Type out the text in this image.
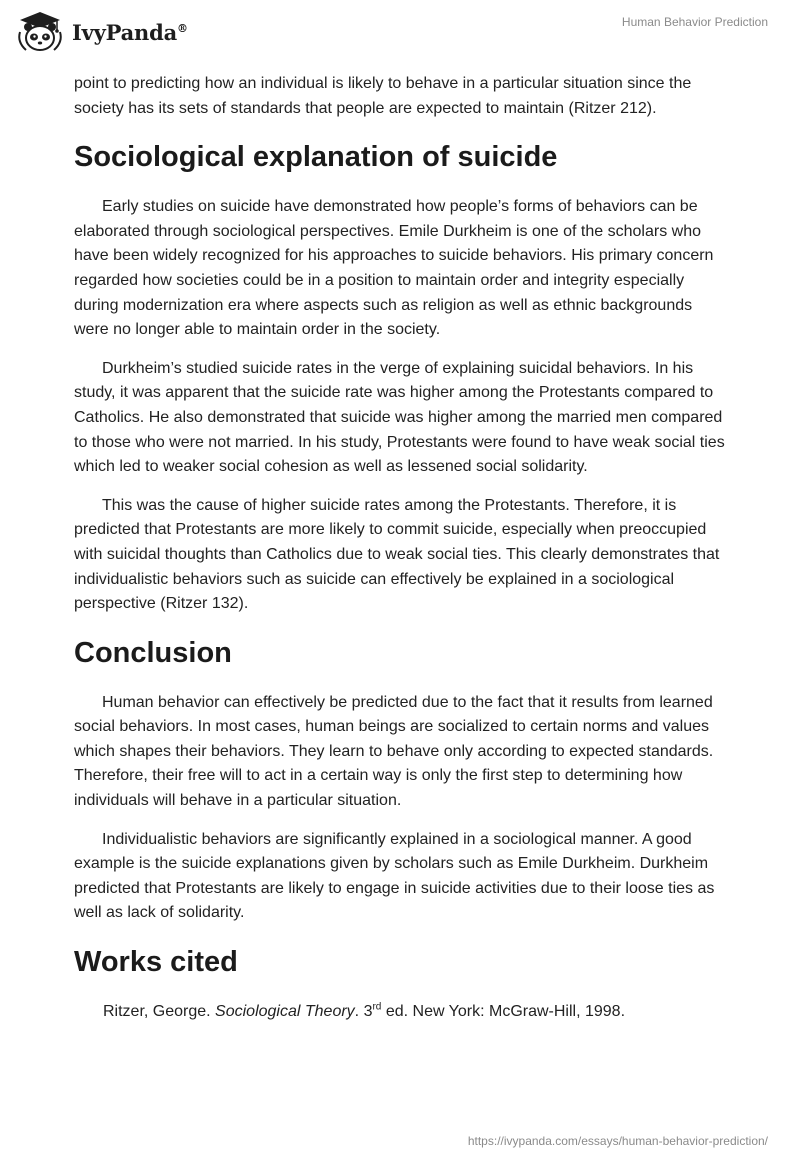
IvyPanda®	Human Behavior Prediction

point to predicting how an individual is likely to behave in a particular situation since the society has its sets of standards that people are expected to maintain (Ritzer 212).

Sociological explanation of suicide

Early studies on suicide have demonstrated how people’s forms of behaviors can be elaborated through sociological perspectives. Emile Durkheim is one of the scholars who have been widely recognized for his approaches to suicide behaviors. His primary concern regarded how societies could be in a position to maintain order and integrity especially during modernization era where aspects such as religion as well as ethnic backgrounds were no longer able to maintain order in the society.

Durkheim’s studied suicide rates in the verge of explaining suicidal behaviors. In his study, it was apparent that the suicide rate was higher among the Protestants compared to Catholics. He also demonstrated that suicide was higher among the married men compared to those who were not married. In his study, Protestants were found to have weak social ties which led to weaker social cohesion as well as lessened social solidarity.

This was the cause of higher suicide rates among the Protestants. Therefore, it is predicted that Protestants are more likely to commit suicide, especially when preoccupied with suicidal thoughts than Catholics due to weak social ties. This clearly demonstrates that individualistic behaviors such as suicide can effectively be explained in a sociological perspective (Ritzer 132).

Conclusion

Human behavior can effectively be predicted due to the fact that it results from learned social behaviors. In most cases, human beings are socialized to certain norms and values which shapes their behaviors. They learn to behave only according to expected standards. Therefore, their free will to act in a certain way is only the first step to determining how individuals will behave in a particular situation.

Individualistic behaviors are significantly explained in a sociological manner. A good example is the suicide explanations given by scholars such as Emile Durkheim. Durkheim predicted that Protestants are likely to engage in suicide activities due to their loose ties as well as lack of solidarity.

Works cited

Ritzer, George. Sociological Theory. 3rd ed. New York: McGraw-Hill, 1998.

https://ivypanda.com/essays/human-behavior-prediction/
